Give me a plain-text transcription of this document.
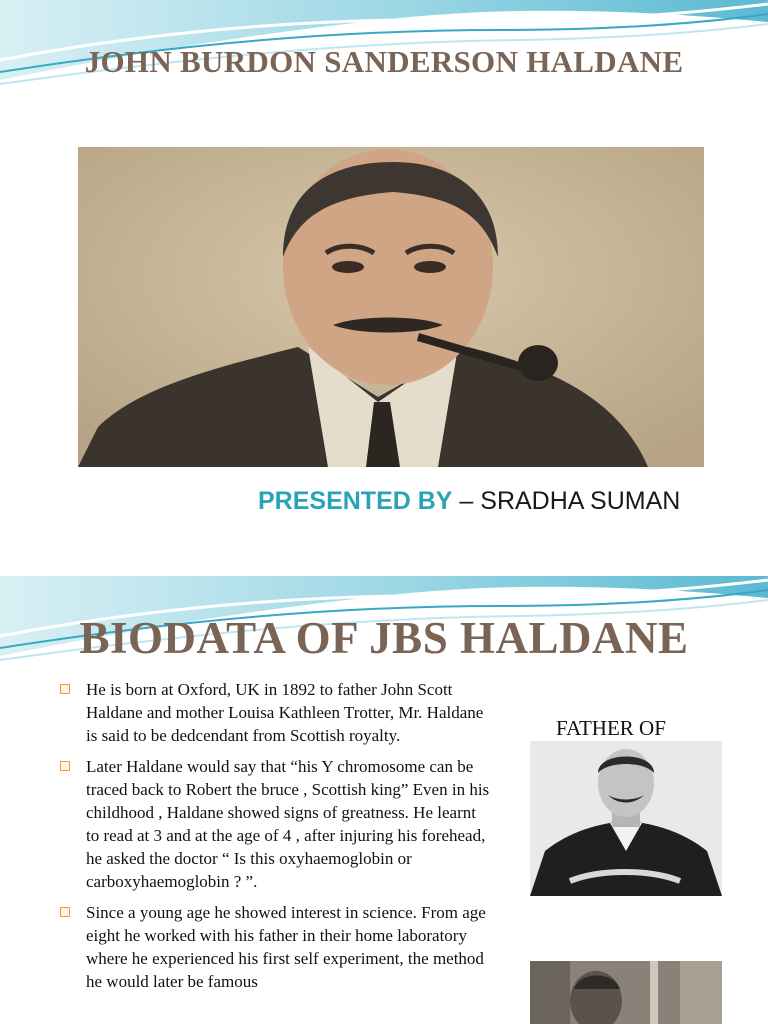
JOHN BURDON SANDERSON HALDANE
PRESENTED BY – SRADHA SUMAN
BIODATA OF JBS HALDANE
He is born at Oxford, UK in 1892 to father John Scott Haldane and mother Louisa Kathleen Trotter, Mr. Haldane is said to be dedcendant from Scottish royalty.
Later Haldane would say that “his Y chromosome can be traced back to Robert the bruce , Scottish king” Even in his childhood , Haldane showed signs of greatness. He learnt to read at 3 and at the age of 4 , after injuring his forehead, he asked the doctor “ Is this oxyhaemoglobin or carboxyhaemoglobin ? ”.
Since a young age he showed interest in science. From age eight he worked with his father in their home laboratory where he experienced his first self experiment, the method he would later be famous
FATHER OF
